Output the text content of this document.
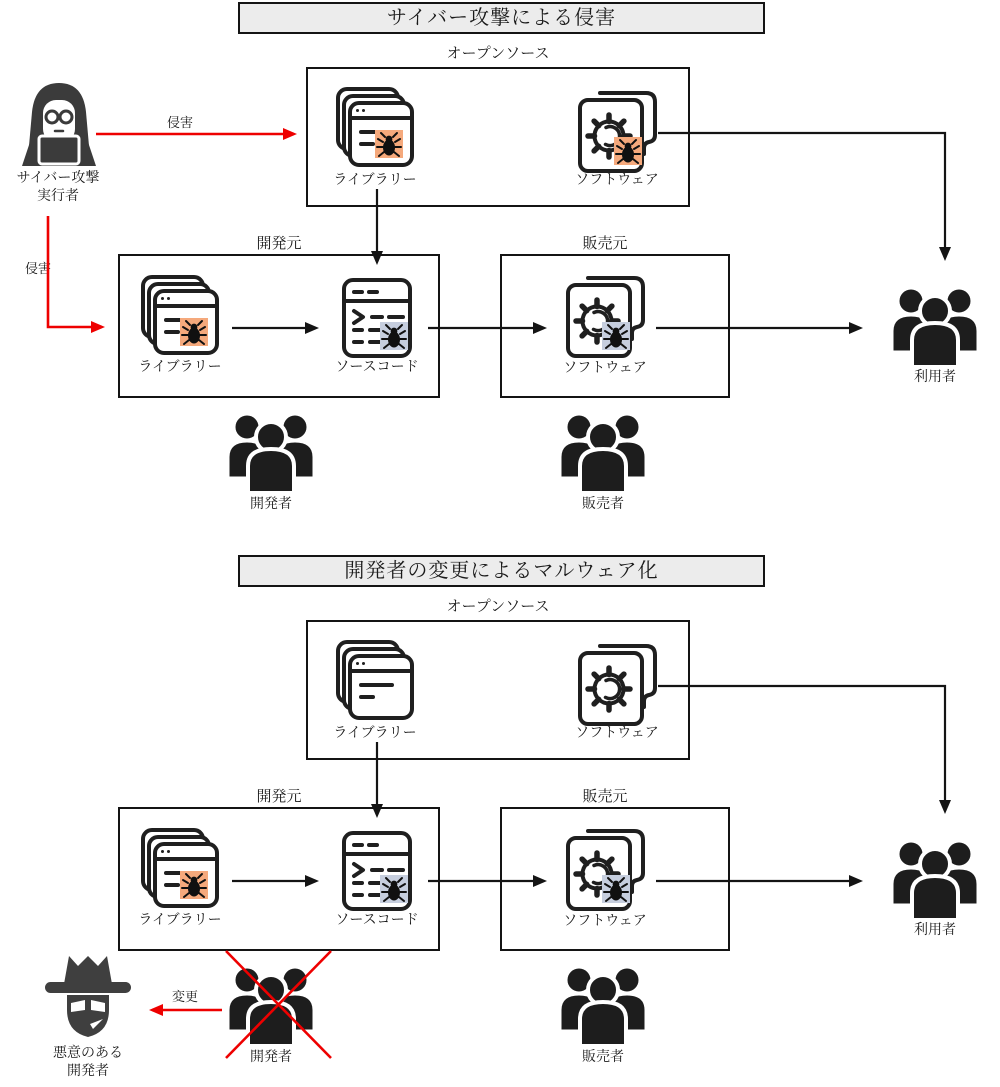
サイバー攻撃による侵害
オープンソース
ライブラリー	ソフトウェア
サイバー攻撃
実行者
侵害
侵害
開発元
ライブラリー	ソースコード
販売元
ソフトウェア
利用者
開発者	販売者
開発者の変更によるマルウェア化
オープンソース
ライブラリー	ソフトウェア
開発元
ライブラリー	ソースコード
販売元
ソフトウェア
利用者
開発者	販売者
悪意のある
開発者
変更
